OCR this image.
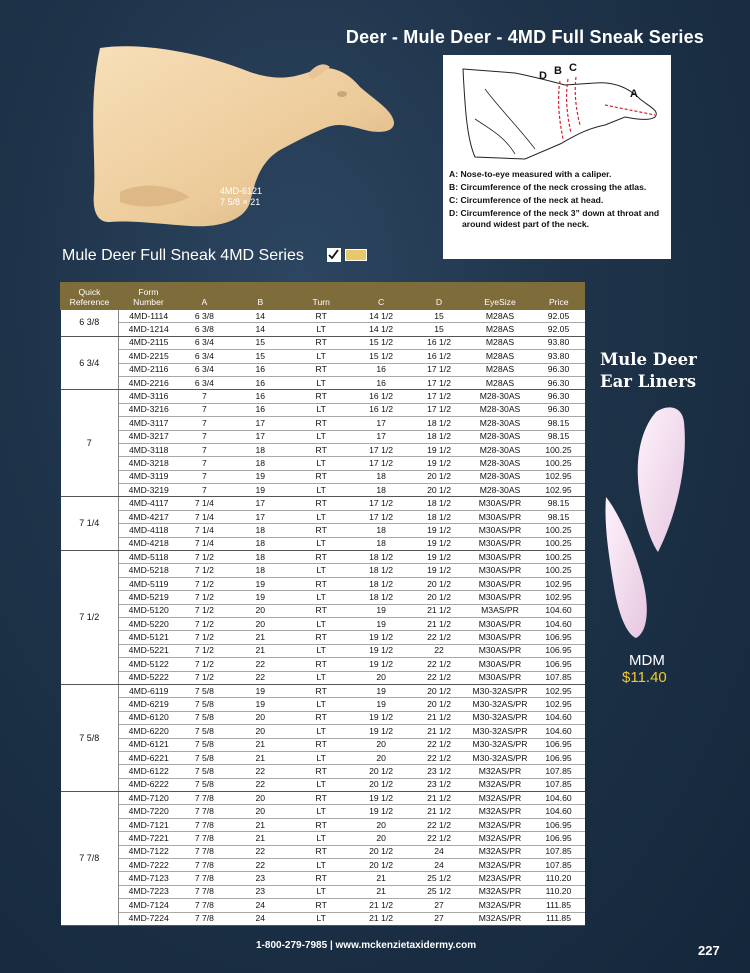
Deer - Mule Deer - 4MD Full Sneak Series
4MD-6121
7 5/8 × 21
D B C
A
A: Nose-to-eye measured with a caliper.
B: Circumference of the neck crossing the atlas.
C: Circumference of the neck at head.
D: Circumference of the neck 3” down at throat and around widest part of the neck.
Mule Deer Full Sneak 4MD Series
Quick
Reference	Form
Number	A	B	Turn	C	D	EyeSize	Price
6 3/8	4MD-1114	6 3/8	14	RT	14 1/2	15	M28AS	92.05
	4MD-1214	6 3/8	14	LT	14 1/2	15	M28AS	92.05
6 3/4	4MD-2115	6 3/4	15	RT	15 1/2	16 1/2	M28AS	93.80
	4MD-2215	6 3/4	15	LT	15 1/2	16 1/2	M28AS	93.80
	4MD-2116	6 3/4	16	RT	16	17 1/2	M28AS	96.30
	4MD-2216	6 3/4	16	LT	16	17 1/2	M28AS	96.30
7	4MD-3116	7	16	RT	16 1/2	17 1/2	M28-30AS	96.30
	4MD-3216	7	16	LT	16 1/2	17 1/2	M28-30AS	96.30
	4MD-3117	7	17	RT	17	18 1/2	M28-30AS	98.15
	4MD-3217	7	17	LT	17	18 1/2	M28-30AS	98.15
	4MD-3118	7	18	RT	17 1/2	19 1/2	M28-30AS	100.25
	4MD-3218	7	18	LT	17 1/2	19 1/2	M28-30AS	100.25
	4MD-3119	7	19	RT	18	20 1/2	M28-30AS	102.95
	4MD-3219	7	19	LT	18	20 1/2	M28-30AS	102.95
7 1/4	4MD-4117	7 1/4	17	RT	17 1/2	18 1/2	M30AS/PR	98.15
	4MD-4217	7 1/4	17	LT	17 1/2	18 1/2	M30AS/PR	98.15
	4MD-4118	7 1/4	18	RT	18	19 1/2	M30AS/PR	100.25
	4MD-4218	7 1/4	18	LT	18	19 1/2	M30AS/PR	100.25
7 1/2	4MD-5118	7 1/2	18	RT	18 1/2	19 1/2	M30AS/PR	100.25
	4MD-5218	7 1/2	18	LT	18 1/2	19 1/2	M30AS/PR	100.25
	4MD-5119	7 1/2	19	RT	18 1/2	20 1/2	M30AS/PR	102.95
	4MD-5219	7 1/2	19	LT	18 1/2	20 1/2	M30AS/PR	102.95
	4MD-5120	7 1/2	20	RT	19	21 1/2	M3AS/PR	104.60
	4MD-5220	7 1/2	20	LT	19	21 1/2	M30AS/PR	104.60
	4MD-5121	7 1/2	21	RT	19 1/2	22 1/2	M30AS/PR	106.95
	4MD-5221	7 1/2	21	LT	19 1/2	22	M30AS/PR	106.95
	4MD-5122	7 1/2	22	RT	19 1/2	22 1/2	M30AS/PR	106.95
	4MD-5222	7 1/2	22	LT	20	22 1/2	M30AS/PR	107.85
7 5/8	4MD-6119	7 5/8	19	RT	19	20 1/2	M30-32AS/PR	102.95
	4MD-6219	7 5/8	19	LT	19	20 1/2	M30-32AS/PR	102.95
	4MD-6120	7 5/8	20	RT	19 1/2	21 1/2	M30-32AS/PR	104.60
	4MD-6220	7 5/8	20	LT	19 1/2	21 1/2	M30-32AS/PR	104.60
	4MD-6121	7 5/8	21	RT	20	22 1/2	M30-32AS/PR	106.95
	4MD-6221	7 5/8	21	LT	20	22 1/2	M30-32AS/PR	106.95
	4MD-6122	7 5/8	22	RT	20 1/2	23 1/2	M32AS/PR	107.85
	4MD-6222	7 5/8	22	LT	20 1/2	23 1/2	M32AS/PR	107.85
7 7/8	4MD-7120	7 7/8	20	RT	19 1/2	21 1/2	M32AS/PR	104.60
	4MD-7220	7 7/8	20	LT	19 1/2	21 1/2	M32AS/PR	104.60
	4MD-7121	7 7/8	21	RT	20	22 1/2	M32AS/PR	106.95
	4MD-7221	7 7/8	21	LT	20	22 1/2	M32AS/PR	106.95
	4MD-7122	7 7/8	22	RT	20 1/2	24	M32AS/PR	107.85
	4MD-7222	7 7/8	22	LT	20 1/2	24	M32AS/PR	107.85
	4MD-7123	7 7/8	23	RT	21	25 1/2	M23AS/PR	110.20
	4MD-7223	7 7/8	23	LT	21	25 1/2	M32AS/PR	110.20
	4MD-7124	7 7/8	24	RT	21 1/2	27	M32AS/PR	111.85
	4MD-7224	7 7/8	24	LT	21 1/2	27	M32AS/PR	111.85
Mule Deer
Ear Liners
MDM
$11.40
1-800-279-7985 | www.mckenzietaxidermy.com	227
